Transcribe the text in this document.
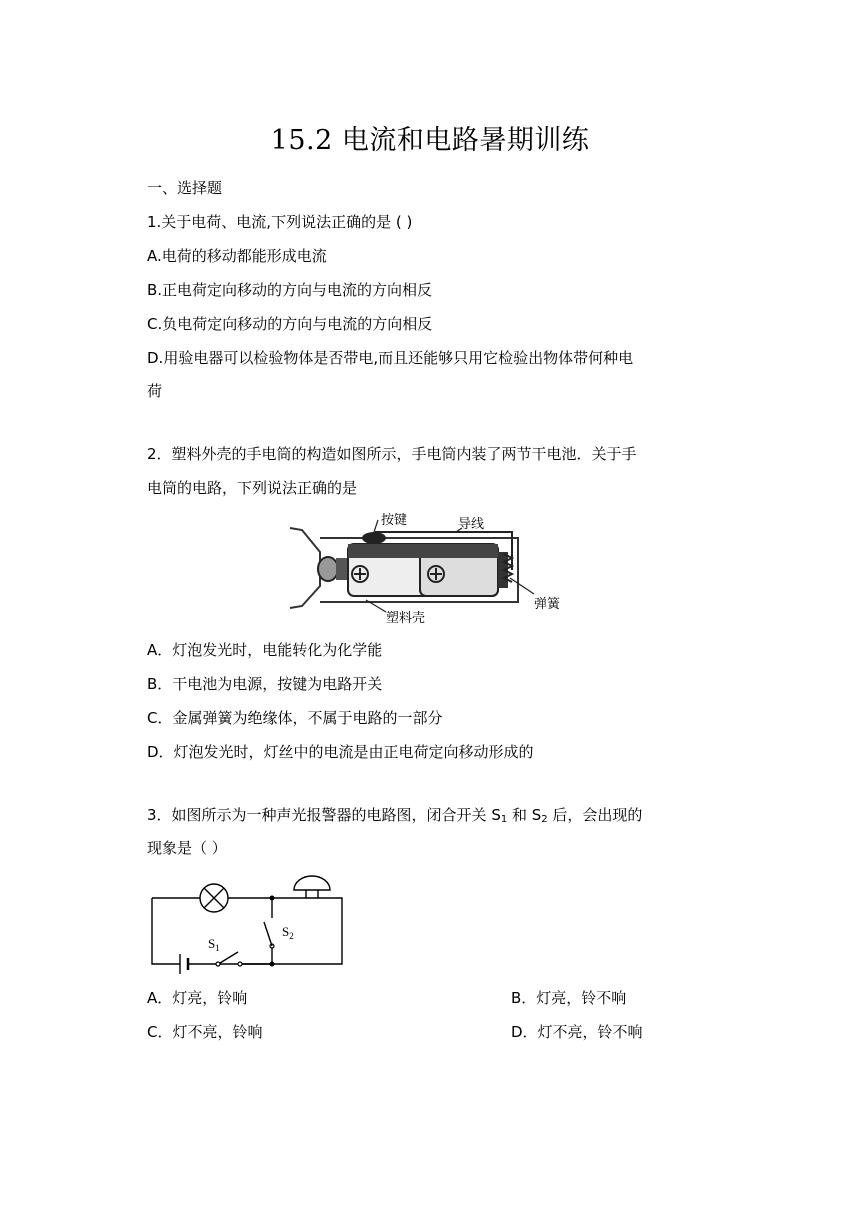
15.2 电流和电路暑期训练
一、选择题
1.关于电荷、电流,下列说法正确的是 ( )
A.电荷的移动都能形成电流
B.正电荷定向移动的方向与电流的方向相反
C.负电荷定向移动的方向与电流的方向相反
D.用验电器可以检验物体是否带电,而且还能够只用它检验出物体带何种电
荷
2．塑料外壳的手电筒的构造如图所示，手电筒内装了两节干电池．关于手
电筒的电路，下列说法正确的是
按键	导线
弹簧
塑料壳
A．灯泡发光时，电能转化为化学能
B．干电池为电源，按键为电路开关
C．金属弹簧为绝缘体，不属于电路的一部分
D．灯泡发光时，灯丝中的电流是由正电荷定向移动形成的
3．如图所示为一种声光报警器的电路图，闭合开关 $S_1$ 和 $S_2$ 后，会出现的
现象是（ ）
$S_1$
$S_2$
A．灯亮，铃响	B．灯亮，铃不响
C．灯不亮，铃响	D．灯不亮，铃不响
